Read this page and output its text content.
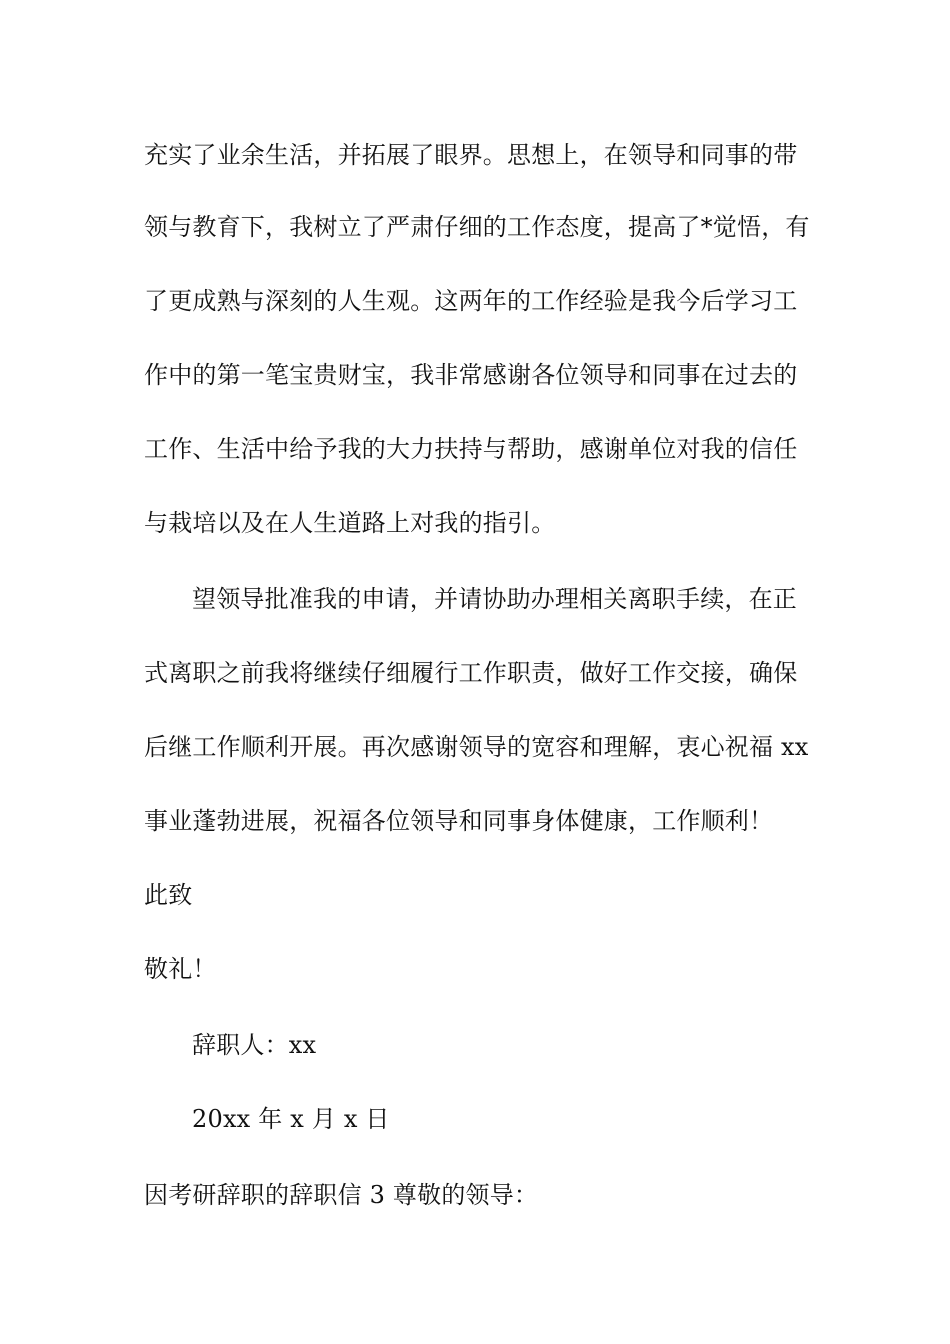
充实了业余生活，并拓展了眼界。思想上，在领导和同事的带
领与教育下，我树立了严肃仔细的工作态度，提高了*觉悟，有
了更成熟与深刻的人生观。这两年的工作经验是我今后学习工
作中的第一笔宝贵财宝，我非常感谢各位领导和同事在过去的
工作、生活中给予我的大力扶持与帮助，感谢单位对我的信任
与栽培以及在人生道路上对我的指引。
望领导批准我的申请，并请协助办理相关离职手续，在正
式离职之前我将继续仔细履行工作职责，做好工作交接，确保
后继工作顺利开展。再次感谢领导的宽容和理解，衷心祝福 xx
事业蓬勃进展，祝福各位领导和同事身体健康，工作顺利！
此致
敬礼！
辞职人：xx
20xx 年 x 月 x 日
因考研辞职的辞职信 3 尊敬的领导：
